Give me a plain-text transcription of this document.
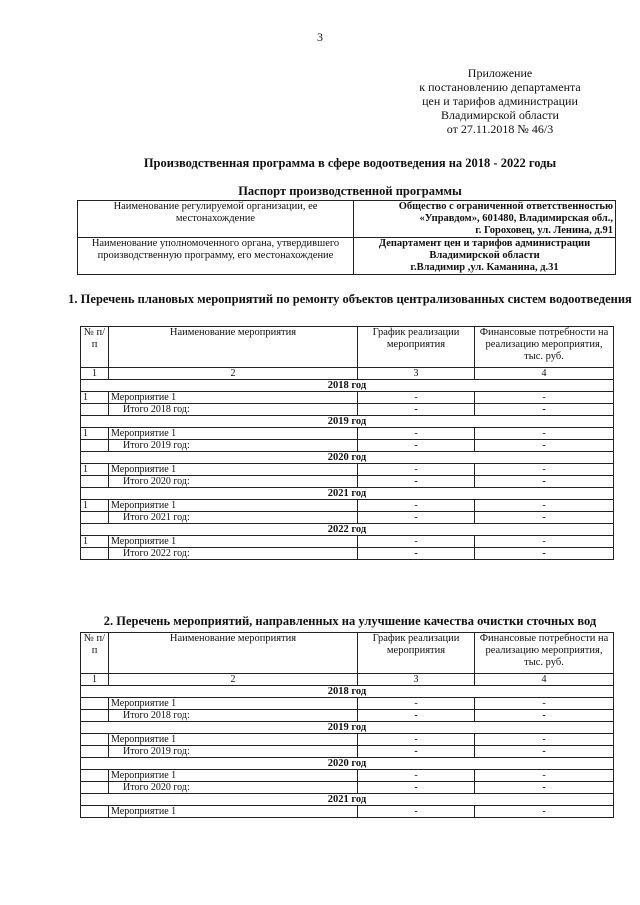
3
Приложение
к постановлению департамента
цен и тарифов администрации
Владимирской области
от 27.11.2018 № 46/3
Производственная программа в сфере водоотведения на 2018 - 2022 годы
Паспорт производственной программы
Наименование регулируемой организации, ее местонахождение	Общество с ограниченной ответственностью
«Управдом», 601480, Владимирская обл.,
г. Гороховец, ул. Ленина, д.91

Наименование уполномоченного органа, утвердившего производственную программу, его местонахождение	Департамент цен и тарифов администрации
Владимирской области
г.Владимир ,ул. Каманина, д.31
1. Перечень плановых мероприятий по ремонту объектов централизованных систем водоотведения
№ п/п	Наименование мероприятия	График реализации мероприятия	Финансовые потребности на реализацию мероприятия, тыс. руб.
1	2	3	4
2018 год			
1	Мероприятие 1	-	-
	Итого 2018 год:	-	-
2019 год			
1	Мероприятие 1	-	-
	Итого 2019 год:	-	-
2020 год			
1	Мероприятие 1	-	-
	Итого 2020 год:	-	-
2021 год			
1	Мероприятие 1	-	-
	Итого 2021 год:	-	-
2022 год			
1	Мероприятие 1	-	-
	Итого 2022 год:	-	-
2. Перечень мероприятий, направленных на улучшение качества очистки сточных вод
№ п/п	Наименование мероприятия	График реализации мероприятия	Финансовые потребности на реализацию мероприятия, тыс. руб.
1	2	3	4
2018 год			
	Мероприятие 1	-	-
	Итого 2018 год:	-	-
2019 год			
	Мероприятие 1	-	-
	Итого 2019 год:	-	-
2020 год			
	Мероприятие 1	-	-
	Итого 2020 год:	-	-
2021 год			
	Мероприятие 1	-	-
